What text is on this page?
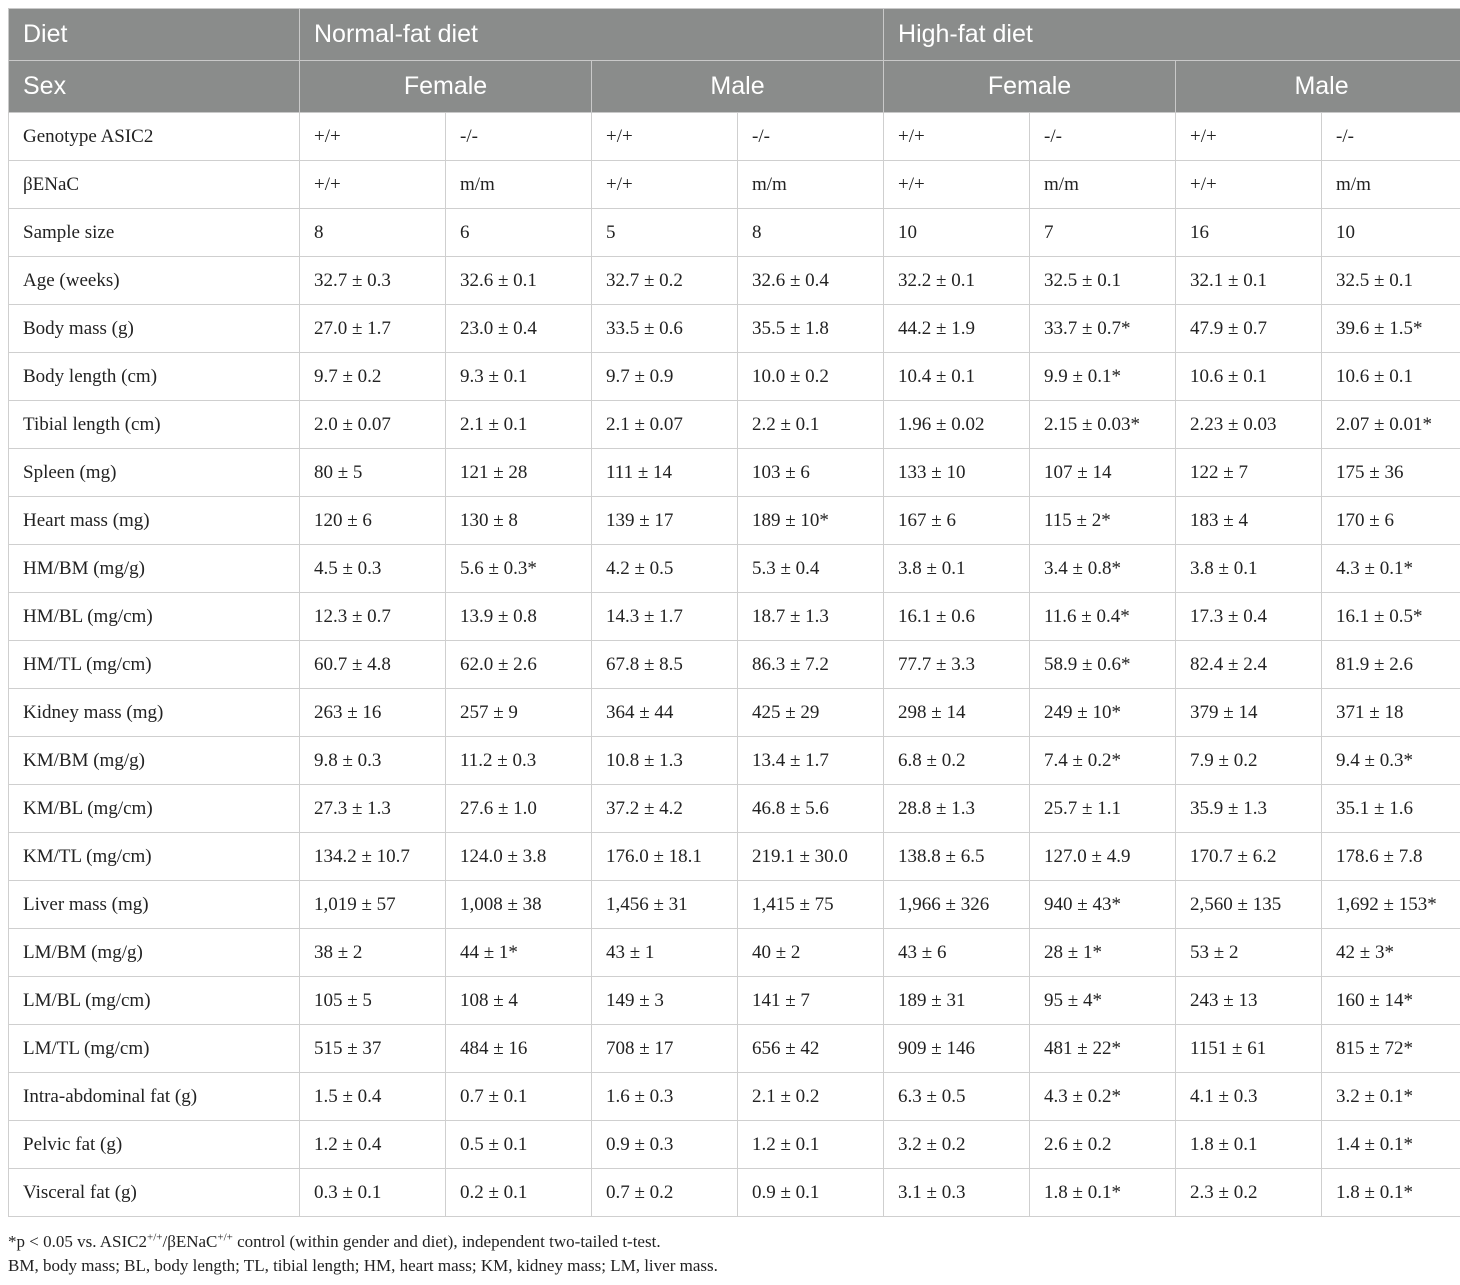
Diet	Normal-fat diet				High-fat diet			
Sex	Female		Male		Female		Male	
Genotype ASIC2	+/+	-/-	+/+	-/-	+/+	-/-	+/+	-/-
βENaC	+/+	m/m	+/+	m/m	+/+	m/m	+/+	m/m
Sample size	8	6	5	8	10	7	16	10
Age (weeks)	32.7 ± 0.3	32.6 ± 0.1	32.7 ± 0.2	32.6 ± 0.4	32.2 ± 0.1	32.5 ± 0.1	32.1 ± 0.1	32.5 ± 0.1
Body mass (g)	27.0 ± 1.7	23.0 ± 0.4	33.5 ± 0.6	35.5 ± 1.8	44.2 ± 1.9	33.7 ± 0.7*	47.9 ± 0.7	39.6 ± 1.5*
Body length (cm)	9.7 ± 0.2	9.3 ± 0.1	9.7 ± 0.9	10.0 ± 0.2	10.4 ± 0.1	9.9 ± 0.1*	10.6 ± 0.1	10.6 ± 0.1
Tibial length (cm)	2.0 ± 0.07	2.1 ± 0.1	2.1 ± 0.07	2.2 ± 0.1	1.96 ± 0.02	2.15 ± 0.03*	2.23 ± 0.03	2.07 ± 0.01*
Spleen (mg)	80 ± 5	121 ± 28	111 ± 14	103 ± 6	133 ± 10	107 ± 14	122 ± 7	175 ± 36
Heart mass (mg)	120 ± 6	130 ± 8	139 ± 17	189 ± 10*	167 ± 6	115 ± 2*	183 ± 4	170 ± 6
HM/BM (mg/g)	4.5 ± 0.3	5.6 ± 0.3*	4.2 ± 0.5	5.3 ± 0.4	3.8 ± 0.1	3.4 ± 0.8*	3.8 ± 0.1	4.3 ± 0.1*
HM/BL (mg/cm)	12.3 ± 0.7	13.9 ± 0.8	14.3 ± 1.7	18.7 ± 1.3	16.1 ± 0.6	11.6 ± 0.4*	17.3 ± 0.4	16.1 ± 0.5*
HM/TL (mg/cm)	60.7 ± 4.8	62.0 ± 2.6	67.8 ± 8.5	86.3 ± 7.2	77.7 ± 3.3	58.9 ± 0.6*	82.4 ± 2.4	81.9 ± 2.6
Kidney mass (mg)	263 ± 16	257 ± 9	364 ± 44	425 ± 29	298 ± 14	249 ± 10*	379 ± 14	371 ± 18
KM/BM (mg/g)	9.8 ± 0.3	11.2 ± 0.3	10.8 ± 1.3	13.4 ± 1.7	6.8 ± 0.2	7.4 ± 0.2*	7.9 ± 0.2	9.4 ± 0.3*
KM/BL (mg/cm)	27.3 ± 1.3	27.6 ± 1.0	37.2 ± 4.2	46.8 ± 5.6	28.8 ± 1.3	25.7 ± 1.1	35.9 ± 1.3	35.1 ± 1.6
KM/TL (mg/cm)	134.2 ± 10.7	124.0 ± 3.8	176.0 ± 18.1	219.1 ± 30.0	138.8 ± 6.5	127.0 ± 4.9	170.7 ± 6.2	178.6 ± 7.8
Liver mass (mg)	1,019 ± 57	1,008 ± 38	1,456 ± 31	1,415 ± 75	1,966 ± 326	940 ± 43*	2,560 ± 135	1,692 ± 153*
LM/BM (mg/g)	38 ± 2	44 ± 1*	43 ± 1	40 ± 2	43 ± 6	28 ± 1*	53 ± 2	42 ± 3*
LM/BL (mg/cm)	105 ± 5	108 ± 4	149 ± 3	141 ± 7	189 ± 31	95 ± 4*	243 ± 13	160 ± 14*
LM/TL (mg/cm)	515 ± 37	484 ± 16	708 ± 17	656 ± 42	909 ± 146	481 ± 22*	1151 ± 61	815 ± 72*
Intra-abdominal fat (g)	1.5 ± 0.4	0.7 ± 0.1	1.6 ± 0.3	2.1 ± 0.2	6.3 ± 0.5	4.3 ± 0.2*	4.1 ± 0.3	3.2 ± 0.1*
Pelvic fat (g)	1.2 ± 0.4	0.5 ± 0.1	0.9 ± 0.3	1.2 ± 0.1	3.2 ± 0.2	2.6 ± 0.2	1.8 ± 0.1	1.4 ± 0.1*
Visceral fat (g)	0.3 ± 0.1	0.2 ± 0.1	0.7 ± 0.2	0.9 ± 0.1	3.1 ± 0.3	1.8 ± 0.1*	2.3 ± 0.2	1.8 ± 0.1*
*p < 0.05 vs. ASIC2+/+/βENaC+/+ control (within gender and diet), independent two-tailed t-test.
BM, body mass; BL, body length; TL, tibial length; HM, heart mass; KM, kidney mass; LM, liver mass.
